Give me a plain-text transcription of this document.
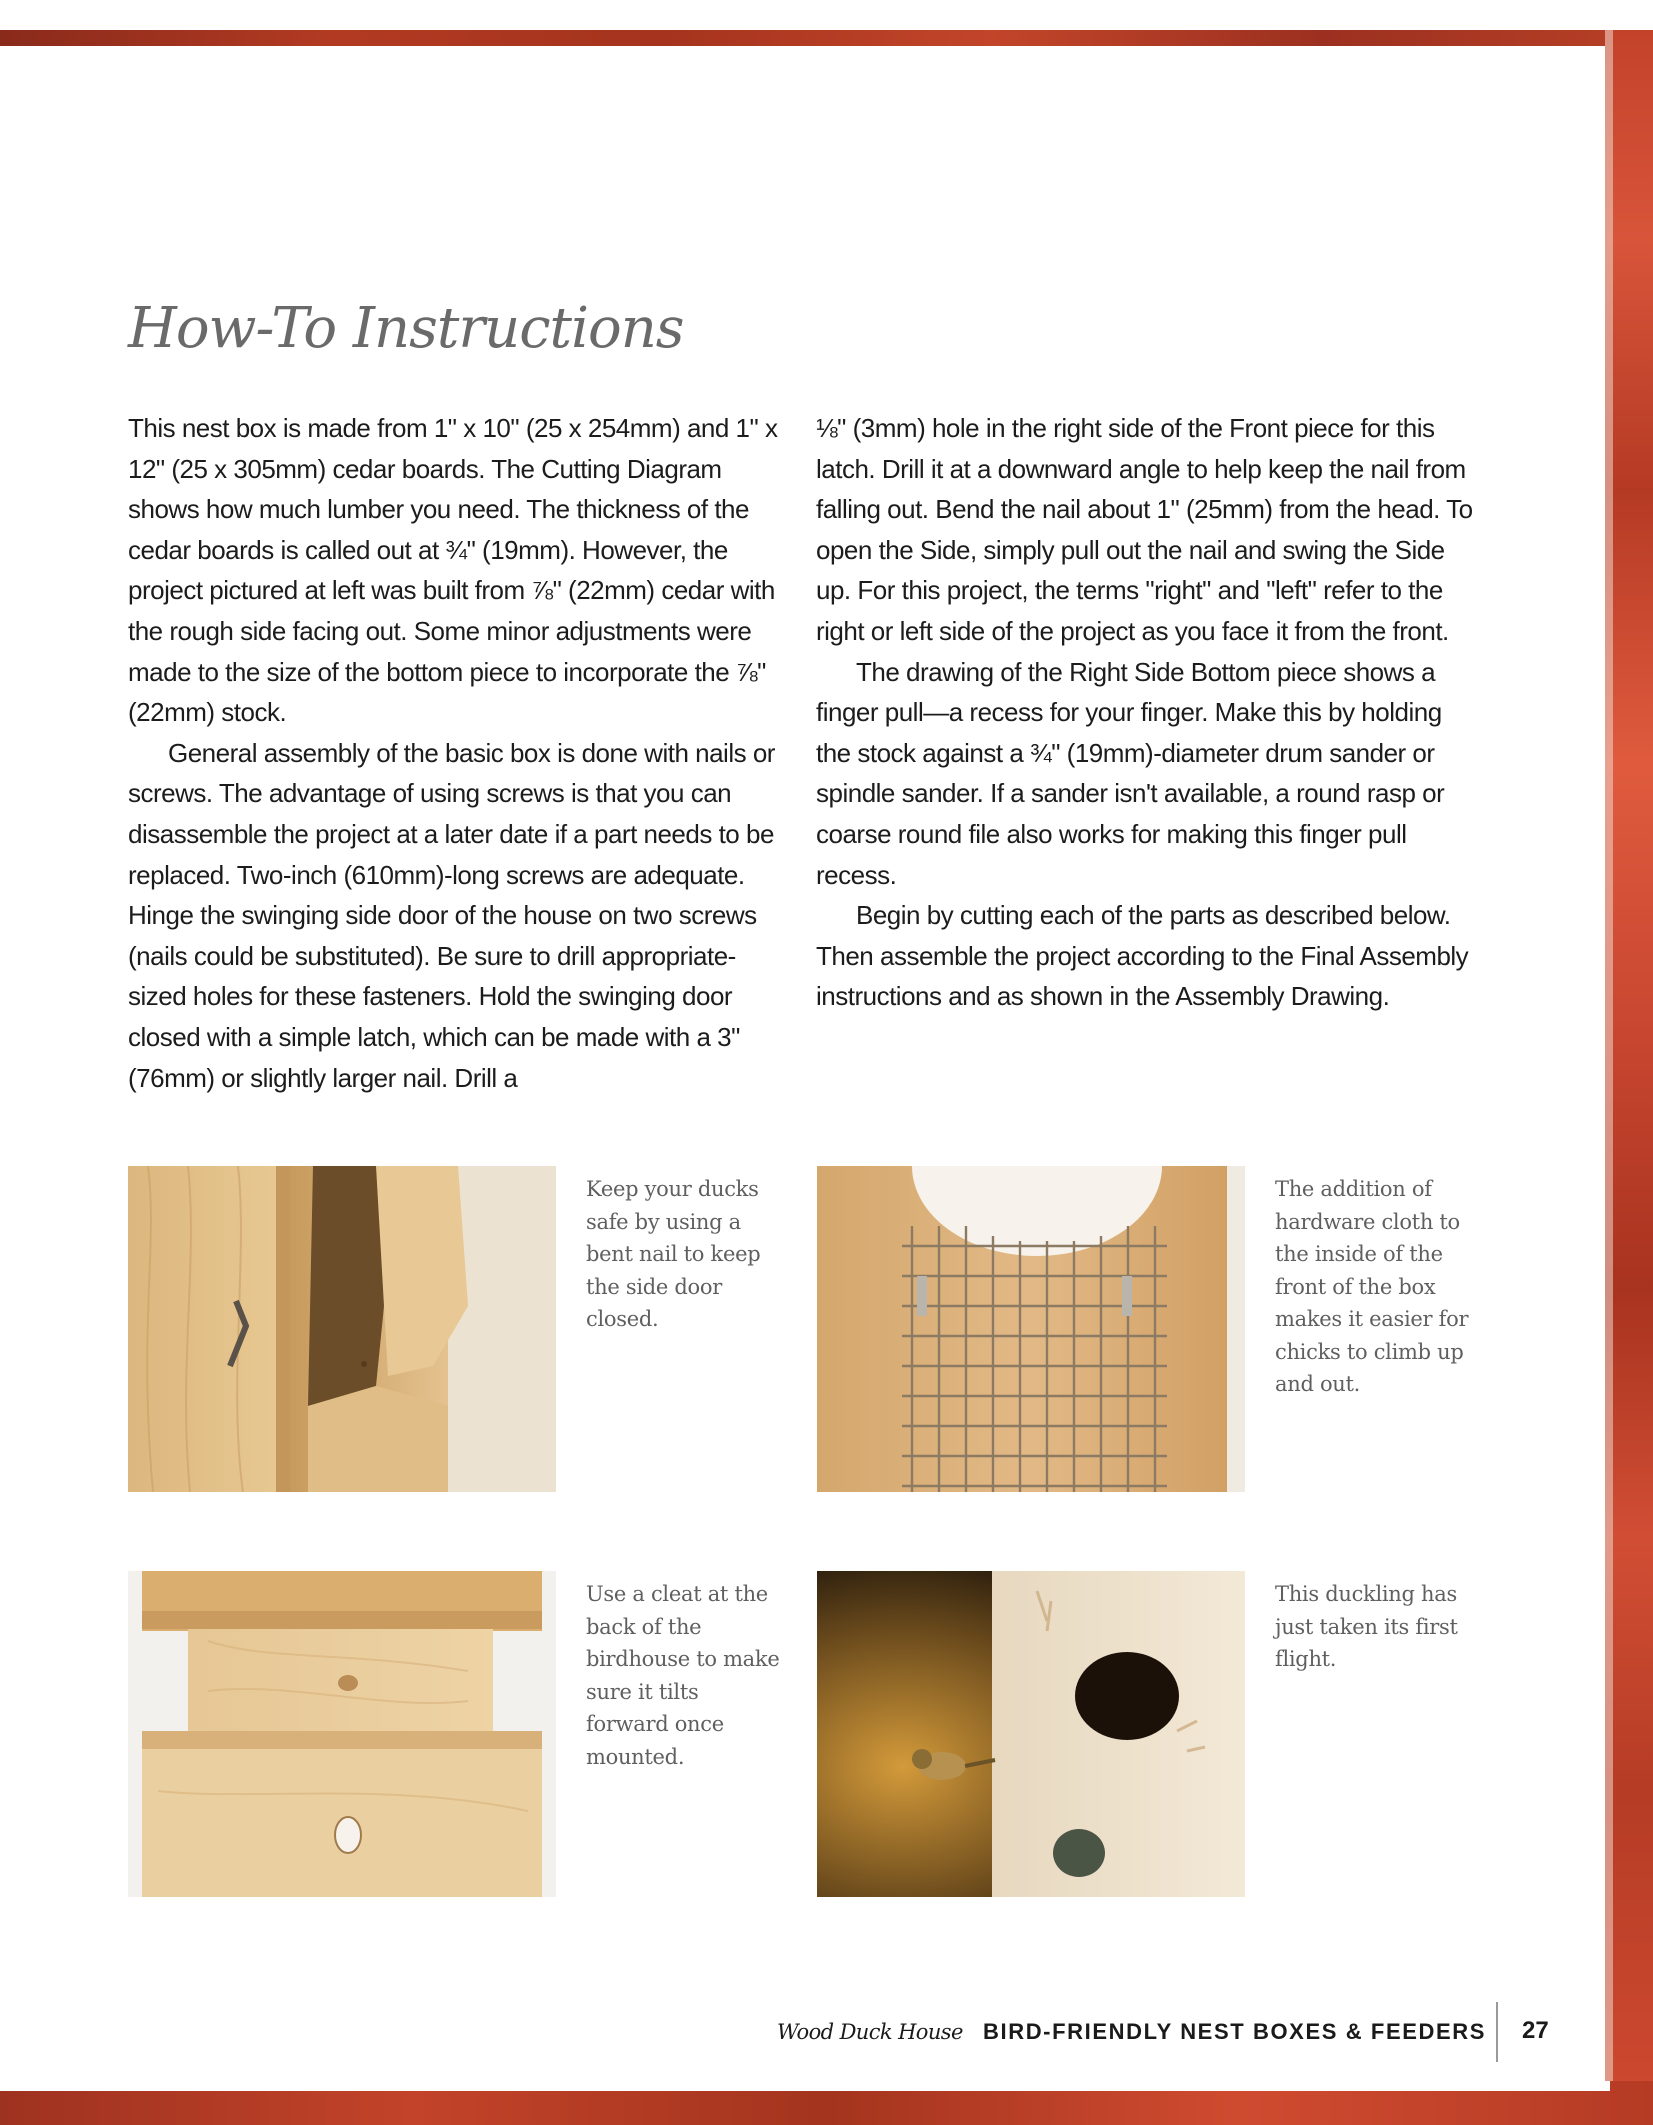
How-To Instructions

This nest box is made from 1" x 10" (25 x 254mm) and 1" x 12" (25 x 305mm) cedar boards. The Cutting Diagram shows how much lumber you need. The thickness of the cedar boards is called out at ¾" (19mm). However, the project pictured at left was built from ⅞" (22mm) cedar with the rough side facing out. Some minor adjustments were made to the size of the bottom piece to incorporate the ⅞" (22mm) stock.

General assembly of the basic box is done with nails or screws. The advantage of using screws is that you can disassemble the project at a later date if a part needs to be replaced. Two-inch (610mm)-long screws are adequate. Hinge the swinging side door of the house on two screws (nails could be substituted). Be sure to drill appropriate-sized holes for these fasteners. Hold the swinging door closed with a simple latch, which can be made with a 3" (76mm) or slightly larger nail. Drill a

⅛" (3mm) hole in the right side of the Front piece for this latch. Drill it at a downward angle to help keep the nail from falling out. Bend the nail about 1" (25mm) from the head. To open the Side, simply pull out the nail and swing the Side up. For this project, the terms "right" and "left" refer to the right or left side of the project as you face it from the front.

The drawing of the Right Side Bottom piece shows a finger pull—a recess for your finger. Make this by holding the stock against a ¾" (19mm)-diameter drum sander or spindle sander. If a sander isn't available, a round rasp or coarse round file also works for making this finger pull recess.

Begin by cutting each of the parts as described below. Then assemble the project according to the Final Assembly instructions and as shown in the Assembly Drawing.

Keep your ducks safe by using a bent nail to keep the side door closed.
The addition of hardware cloth to the inside of the front of the box makes it easier for chicks to climb up and out.
Use a cleat at the back of the birdhouse to make sure it tilts forward once mounted.
This duckling has just taken its first flight.
Wood Duck House BIRD-FRIENDLY NEST BOXES & FEEDERS 27
